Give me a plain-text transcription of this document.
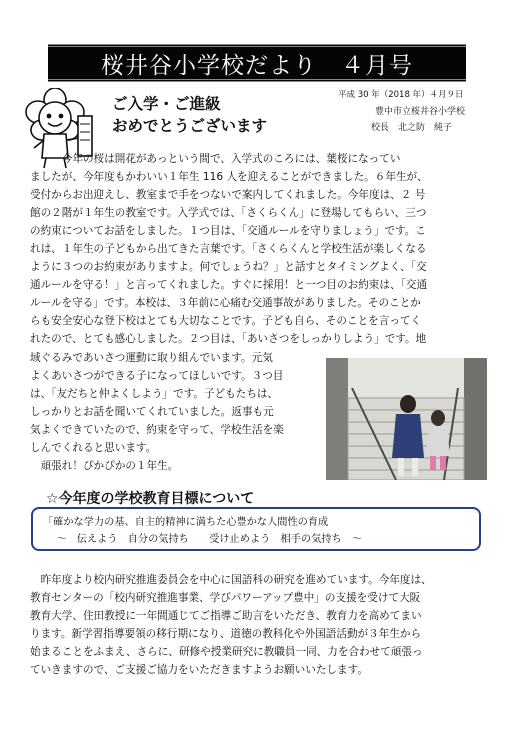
桜井谷小学校だより　４月号
平成 30 年（2018 年）４月９日
豊中市立桜井谷小学校
校長　北之防　純子
ご入学・ご進級
おめでとうございます
　　　今年の桜は開花があっという間で、入学式のころには、葉桜になってい
ましたが、今年度もかわいい１年生 116 人を迎えることができました。６年生が、
受付からお出迎えし、教室まで手をつないで案内してくれました。今年度は、２ 号
館の２階が１年生の教室です。入学式では、「さくらくん」に登場してもらい、三つ
の約束についてお話をしました。１つ目は、「交通ルールを守りましょう」です。こ
れは、１年生の子どもから出てきた言葉です。「さくらくんと学校生活が楽しくなる
ように３つのお約束がありますよ。何でしょうね？」と話すとタイミングよく、「交
通ルールを守る！」と言ってくれました。すぐに採用！と一つ目のお約束は、「交通
ルールを守る」です。本校は、３年前に心痛む交通事故がありました。そのことか
らも安全安心な登下校はとても大切なことです。子ども自ら、そのことを言ってく
れたので、とても感心しました。２つ目は、「あいさつをしっかりしよう」です。地
域ぐるみであいさつ運動に取り組んでいます。元気
よくあいさつができる子になってほしいです。３つ目
は、「友だちと仲よくしよう」です。子どもたちは、
しっかりとお話を聞いてくれていました。返事も元
気よくできていたので、約束を守って、学校生活を楽
しんでくれると思います。
　頑張れ！ぴかぴかの１年生。
☆今年度の学校教育目標について
「確かな学力の基、自主的精神に満ちた心豊かな人間性の育成
　 ～　伝えよう　自分の気持ち　　受け止めよう　相手の気持ち　～
　昨年度より校内研究推進委員会を中心に国語科の研究を進めています。今年度は、
教育センターの「校内研究推進事業、学びパワーアップ豊中」の支援を受けて大阪
教育大学、住田教授に一年間通じてご指導ご助言をいただき、教育力を高めてまい
ります。新学習指導要領の移行期になり、道徳の教科化や外国語活動が３年生から
始まることをふまえ、さらに、研修や授業研究に教職員一同、力を合わせて頑張っ
ていきますので、ご支援ご協力をいただきますようお願いいたします。
